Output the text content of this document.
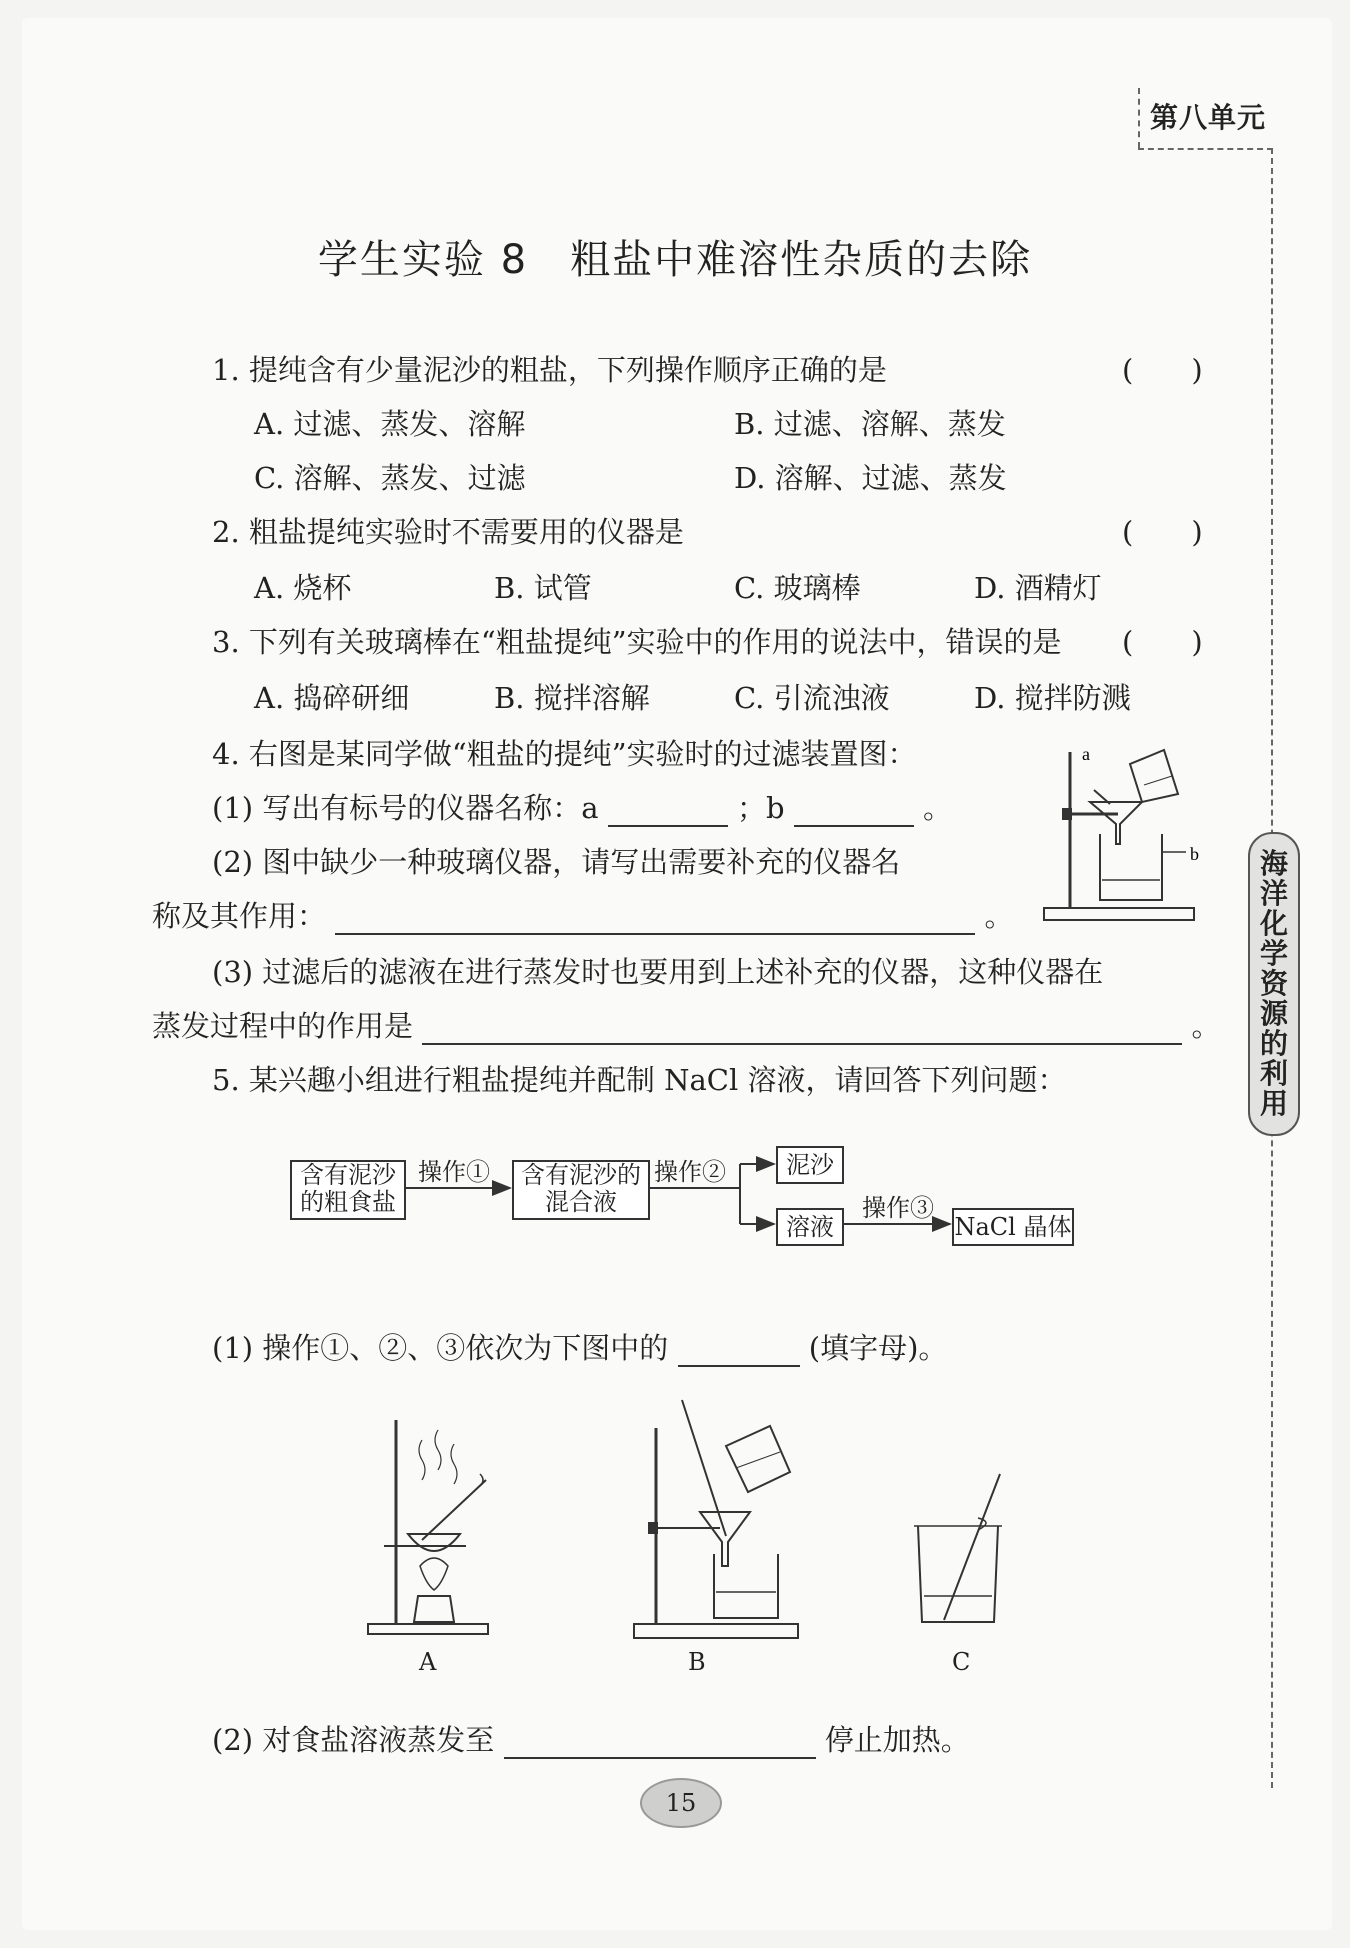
第八单元
海
洋
化
学
资
源
的
利
用
学生实验 8　粗盐中难溶性杂质的去除
1. 提纯含有少量泥沙的粗盐，下列操作顺序正确的是	(　　)
A. 过滤、蒸发、溶解	B. 过滤、溶解、蒸发
C. 溶解、蒸发、过滤	D. 溶解、过滤、蒸发
2. 粗盐提纯实验时不需要用的仪器是	(　　)
A. 烧杯	B. 试管	C. 玻璃棒	D. 酒精灯
3. 下列有关玻璃棒在“粗盐提纯”实验中的作用的说法中，错误的是 (　　)
A. 捣碎研细	B. 搅拌溶解	C. 引流浊液	D. 搅拌防溅
4. 右图是某同学做“粗盐的提纯”实验时的过滤装置图：
(1) 写出有标号的仪器名称：a	；b	。
(2) 图中缺少一种玻璃仪器，请写出需要补充的仪器名
称及其作用：	。
(3) 过滤后的滤液在进行蒸发时也要用到上述补充的仪器，这种仪器在
蒸发过程中的作用是	。
a
b
5. 某兴趣小组进行粗盐提纯并配制 NaCl 溶液，请回答下列问题：
含有泥沙
的粗食盐
操作① 含有泥沙的
混合液
操作②	泥沙
溶液
操作③
NaCl 晶体
(1) 操作①、②、③依次为下图中的	(填字母)。
A	B	C
(2) 对食盐溶液蒸发至	停止加热。
15
